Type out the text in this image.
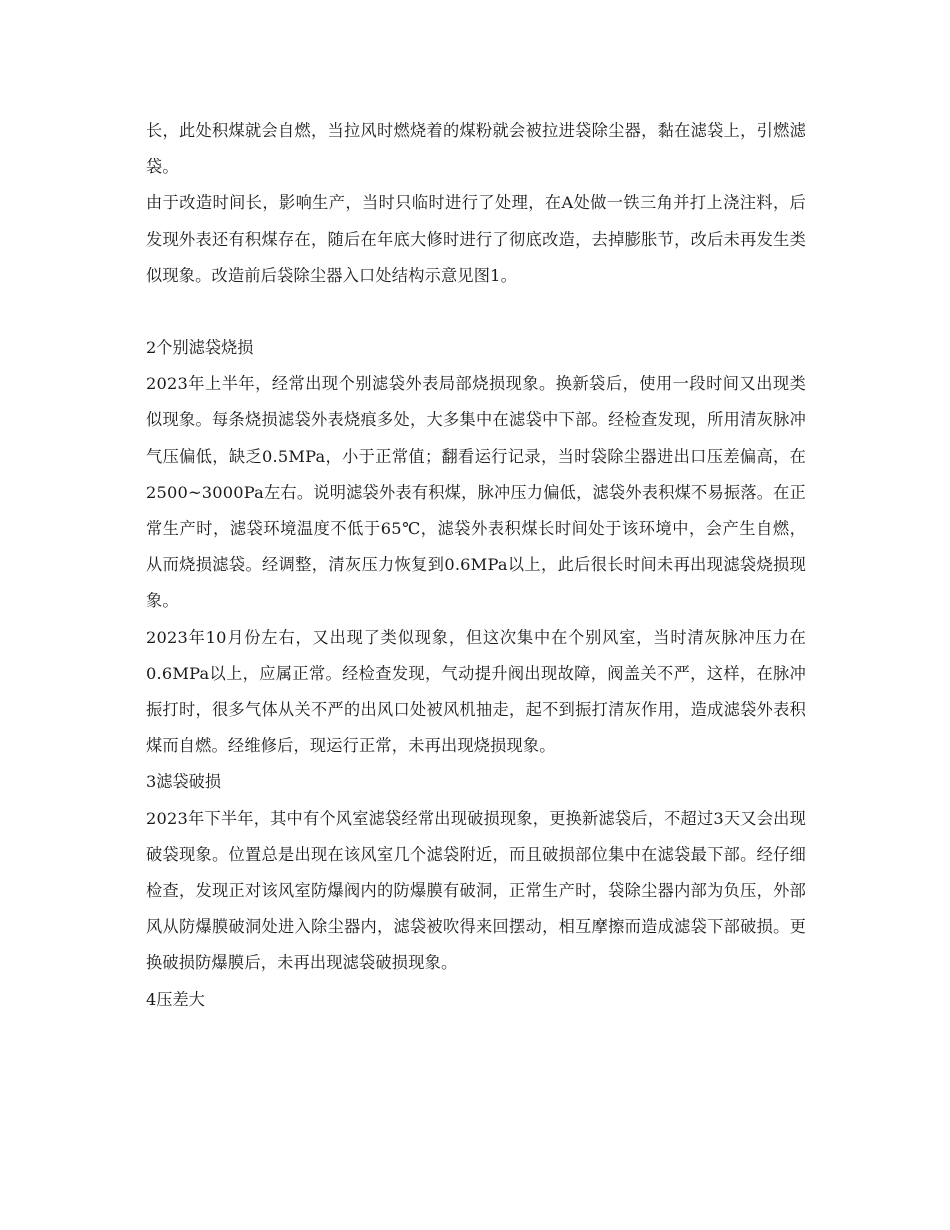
长，此处积煤就会自燃，当拉风时燃烧着的煤粉就会被拉进袋除尘器，黏在滤袋上，引燃滤袋。

由于改造时间长，影响生产，当时只临时进行了处理，在A处做一铁三角并打上浇注料，后发现外表还有积煤存在，随后在年底大修时进行了彻底改造，去掉膨胀节，改后未再发生类似现象。改造前后袋除尘器入口处结构示意见图1。

2个别滤袋烧损

2023年上半年，经常出现个别滤袋外表局部烧损现象。换新袋后，使用一段时间又出现类似现象。每条烧损滤袋外表烧痕多处，大多集中在滤袋中下部。经检查发现，所用清灰脉冲气压偏低，缺乏0.5MPa，小于正常值；翻看运行记录，当时袋除尘器进出口压差偏高，在2500~3000Pa左右。说明滤袋外表有积煤，脉冲压力偏低，滤袋外表积煤不易振落。在正常生产时，滤袋环境温度不低于65℃，滤袋外表积煤长时间处于该环境中，会产生自燃，从而烧损滤袋。经调整，清灰压力恢复到0.6MPa以上，此后很长时间未再出现滤袋烧损现象。

2023年10月份左右，又出现了类似现象，但这次集中在个别风室，当时清灰脉冲压力在0.6MPa以上，应属正常。经检查发现，气动提升阀出现故障，阀盖关不严，这样，在脉冲振打时，很多气体从关不严的出风口处被风机抽走，起不到振打清灰作用，造成滤袋外表积煤而自燃。经维修后，现运行正常，未再出现烧损现象。

3滤袋破损

2023年下半年，其中有个风室滤袋经常出现破损现象，更换新滤袋后，不超过3天又会出现破袋现象。位置总是出现在该风室几个滤袋附近，而且破损部位集中在滤袋最下部。经仔细检查，发现正对该风室防爆阀内的防爆膜有破洞，正常生产时，袋除尘器内部为负压，外部风从防爆膜破洞处进入除尘器内，滤袋被吹得来回摆动，相互摩擦而造成滤袋下部破损。更换破损防爆膜后，未再出现滤袋破损现象。

4压差大
